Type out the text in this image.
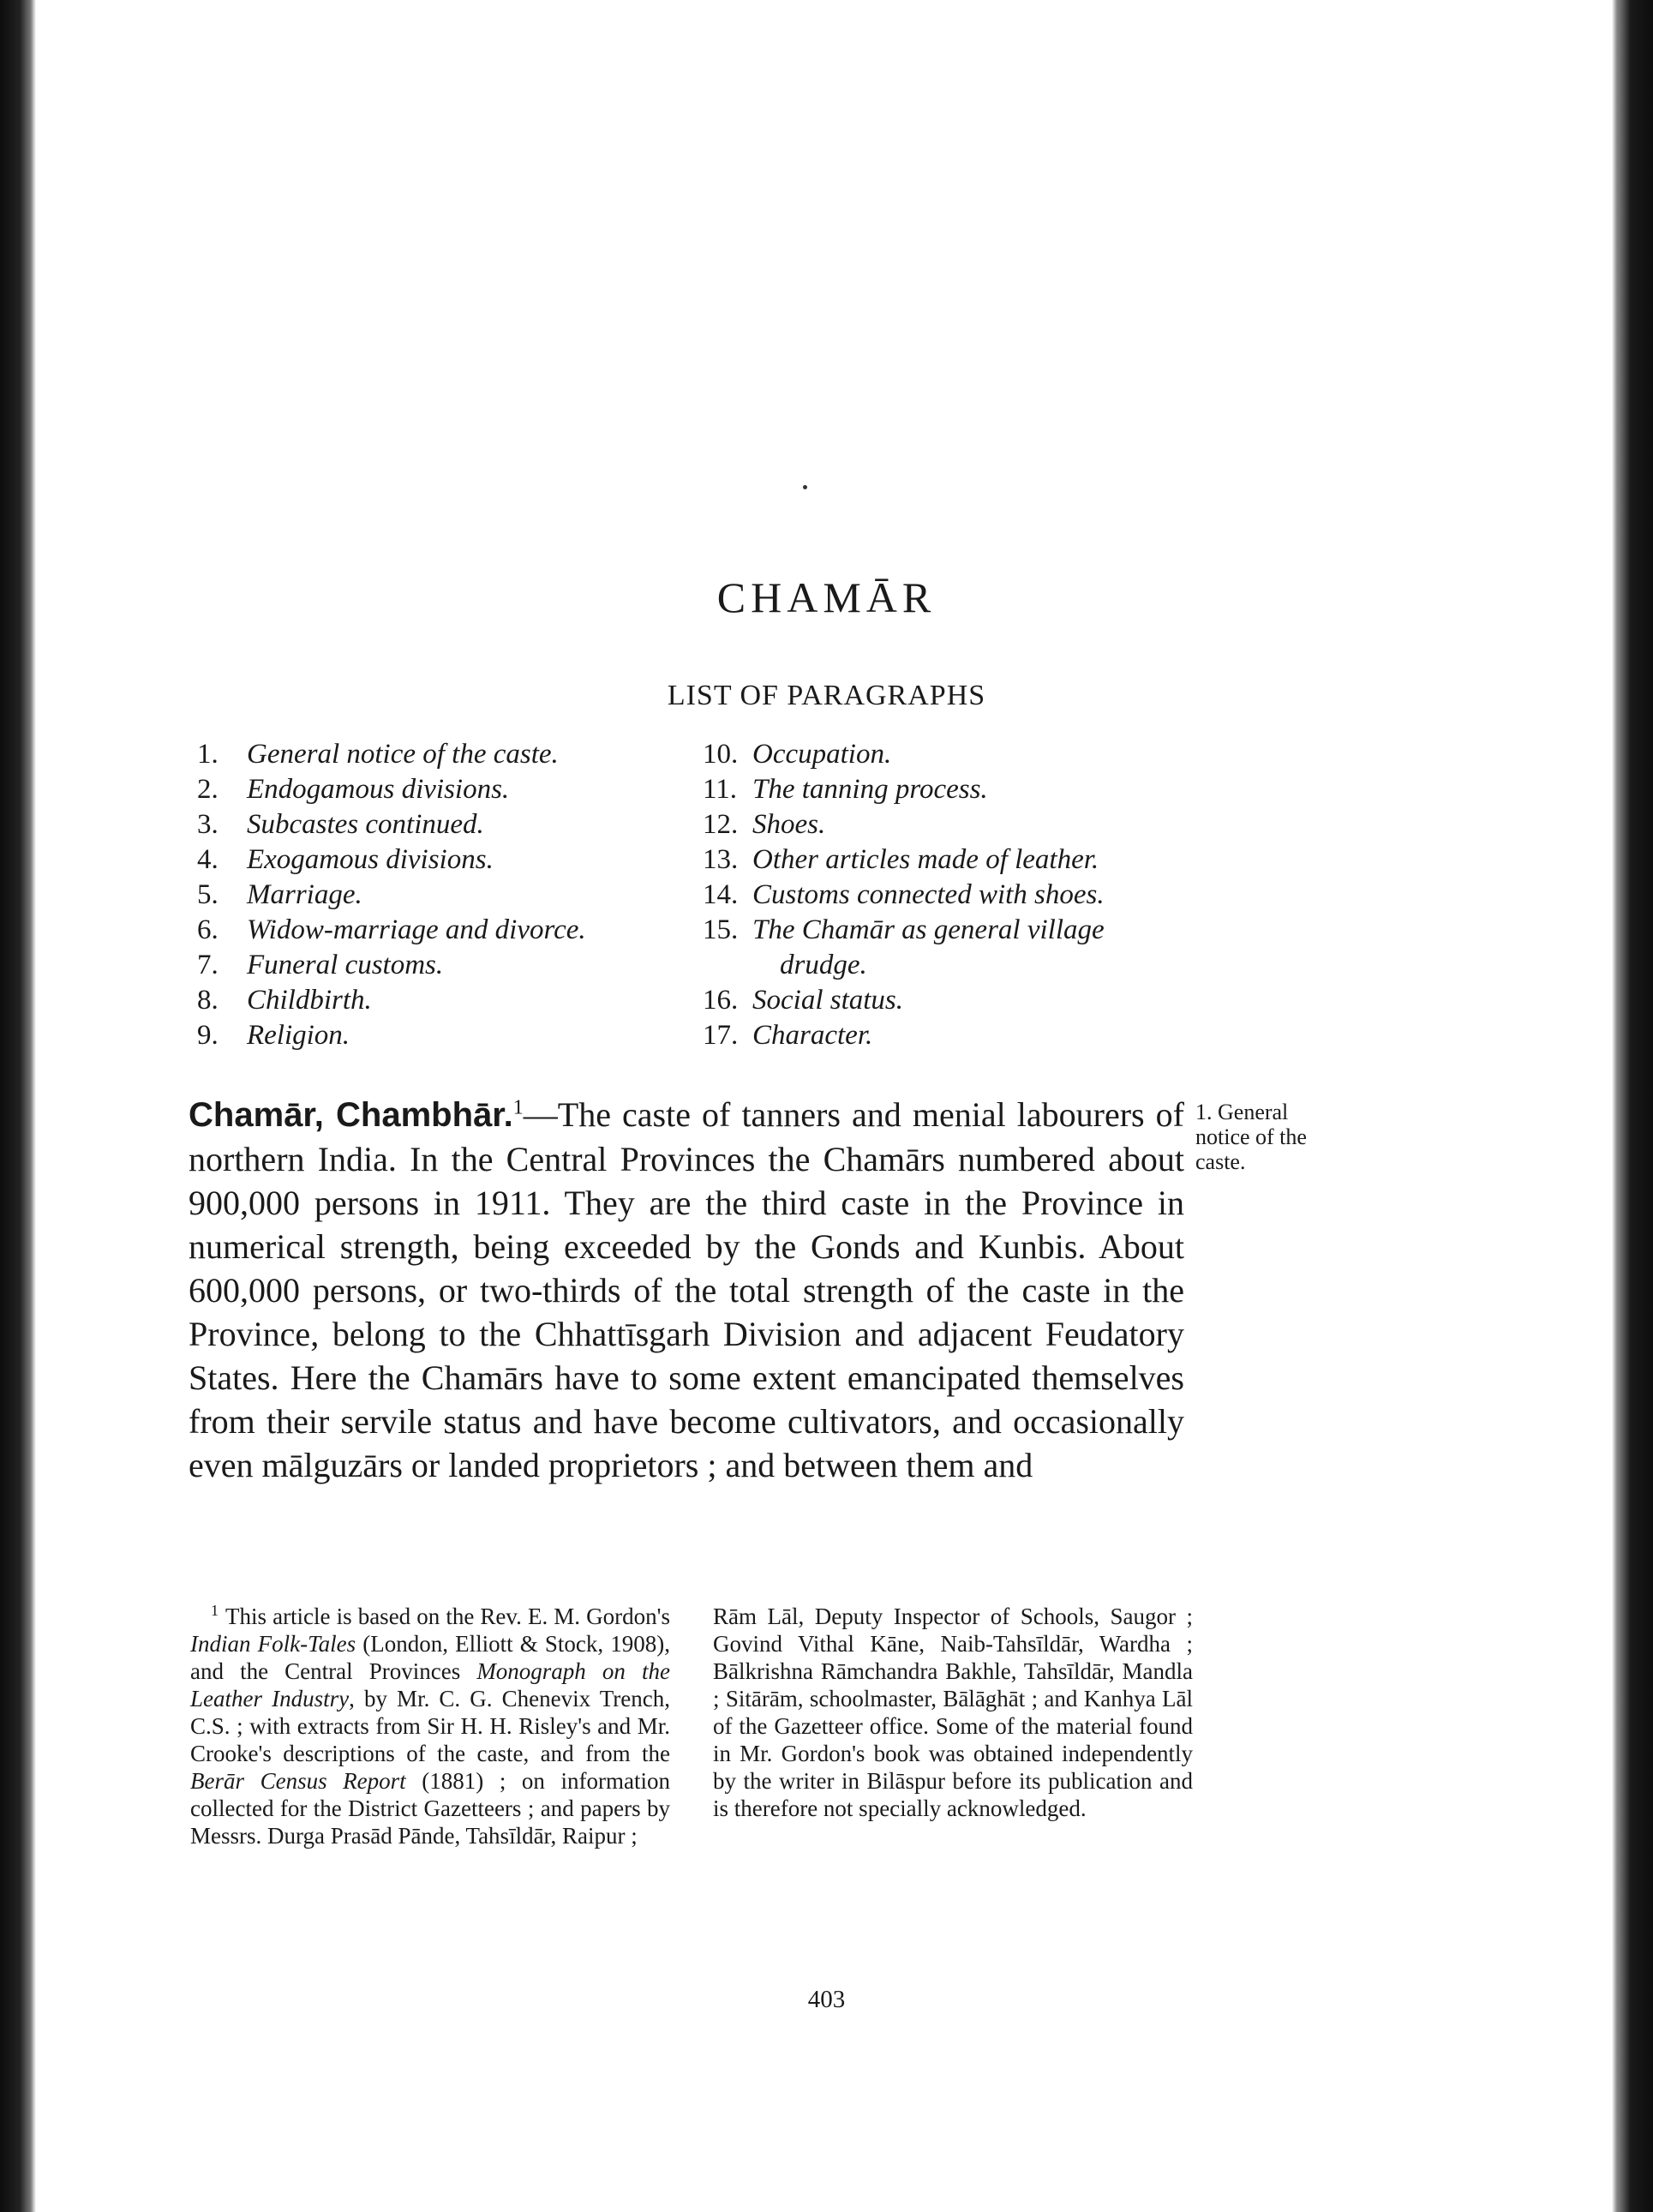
CHAMĀR
LIST OF PARAGRAPHS
1.	General notice of the caste.
2.	Endogamous divisions.
3.	Subcastes continued.
4.	Exogamous divisions.
5.	Marriage.
6.	Widow-marriage and divorce.
7.	Funeral customs.
8.	Childbirth.
9.	Religion.
10. Occupation.
11. The tanning process.
12. Shoes.
13. Other articles made of leather.
14. Customs connected with shoes.
15. The Chamār as general village
drudge.
16. Social status.
17. Character.

Chamār, Chambhār.$^1$—The caste of tanners and menial labourers of northern India. In the Central Provinces the Chamārs numbered about 900,000 persons in 1911. They are the third caste in the Province in numerical strength, being exceeded by the Gonds and Kunbis. About 600,000 persons, or two-thirds of the total strength of the caste in the Province, belong to the Chhattīsgarh Division and adjacent Feudatory States. Here the Chamārs have to some extent emancipated themselves from their servile status and have become cultivators, and occasionally even mālguzārs or landed proprietors ; and between them and

1. General notice of the caste.

$^1$ This article is based on the Rev. E. M. Gordon's Indian Folk-Tales (London, Elliott & Stock, 1908), and the Central Provinces Monograph on the Leather Industry, by Mr. C. G. Chenevix Trench, C.S. ; with extracts from Sir H. H. Risley's and Mr. Crooke's descriptions of the caste, and from the Berār Census Report (1881) ; on information collected for the District Gazetteers ; and papers by Messrs. Durga Prasād Pānde, Tahsīldār, Raipur ;

Rām Lāl, Deputy Inspector of Schools, Saugor ; Govind Vithal Kāne, Naib-Tahsīldār, Wardha ; Bālkrishna Rāmchandra Bakhle, Tahsīldār, Mandla ; Sitārām, schoolmaster, Bālāghāt ; and Kanhya Lāl of the Gazetteer office. Some of the material found in Mr. Gordon's book was obtained independently by the writer in Bilāspur before its publication and is therefore not specially acknowledged.

403
